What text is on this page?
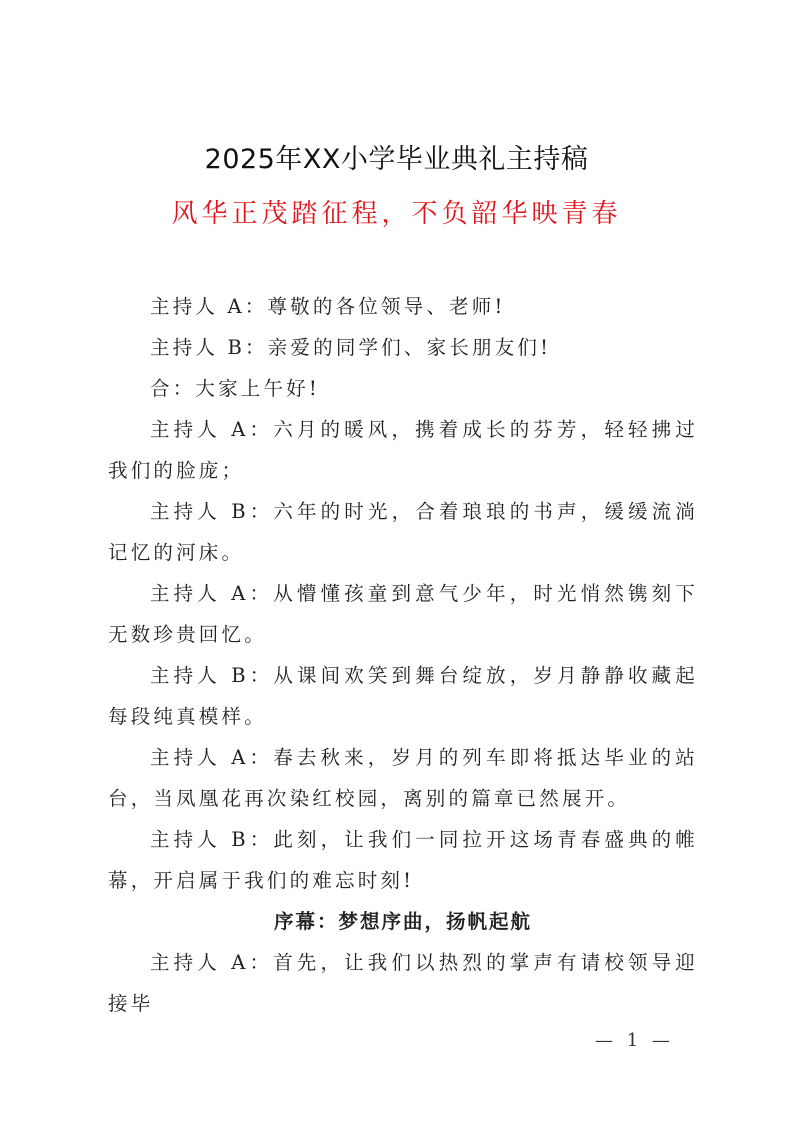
2025年XX小学毕业典礼主持稿
风华正茂踏征程，不负韶华映青春

主持人 A：尊敬的各位领导、老师!

主持人 B：亲爱的同学们、家长朋友们!

合：大家上午好!

主持人 A：六月的暖风，携着成长的芬芳，轻轻拂过我们的脸庞；

主持人 B：六年的时光，合着琅琅的书声，缓缓流淌记忆的河床。

主持人 A：从懵懂孩童到意气少年，时光悄然镌刻下无数珍贵回忆。

主持人 B：从课间欢笑到舞台绽放，岁月静静收藏起每段纯真模样。

主持人 A：春去秋来，岁月的列车即将抵达毕业的站台，当凤凰花再次染红校园，离别的篇章已然展开。

主持人 B：此刻，让我们一同拉开这场青春盛典的帷幕，开启属于我们的难忘时刻!

序幕：梦想序曲，扬帆起航

主持人 A：首先，让我们以热烈的掌声有请校领导迎接毕

— 1 —
